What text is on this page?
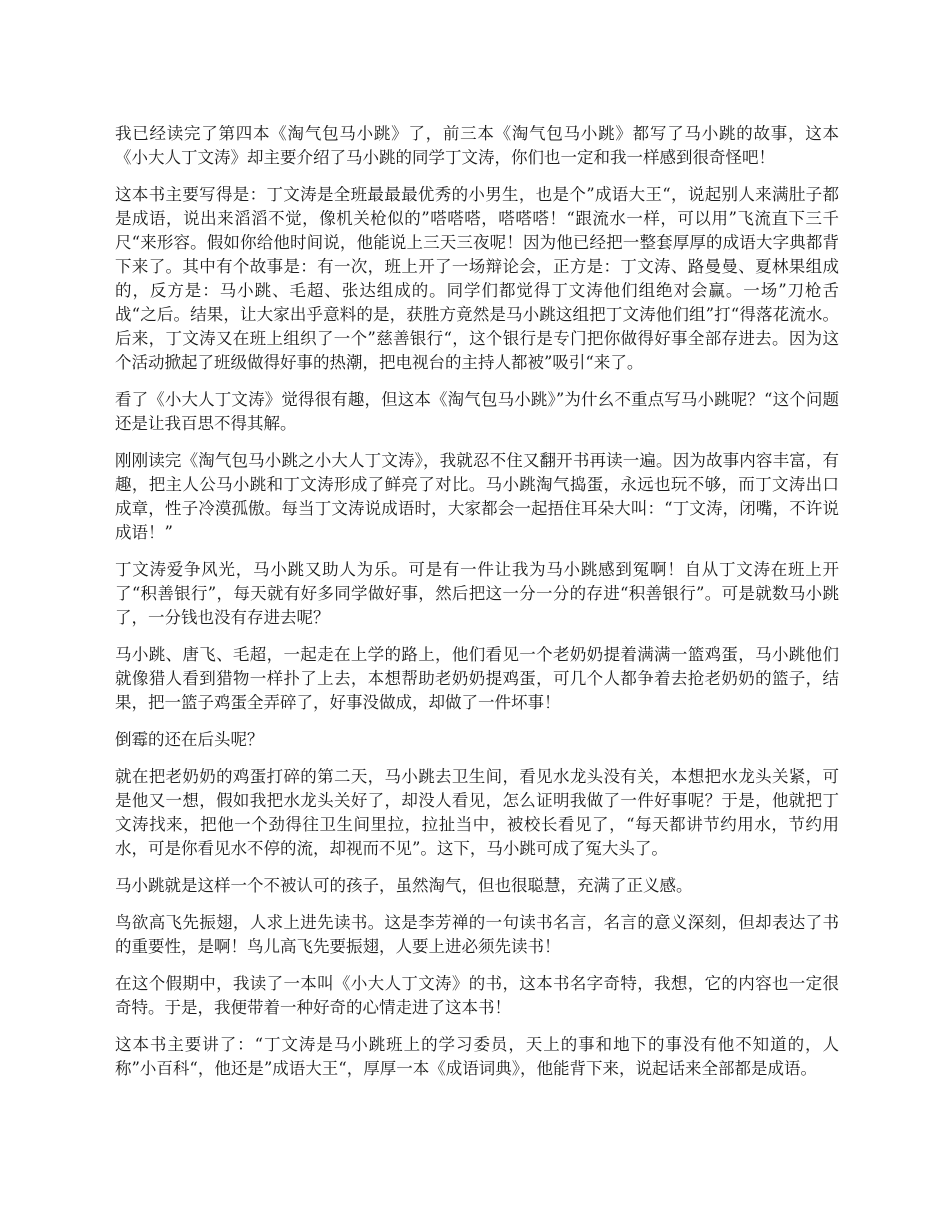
我已经读完了第四本《淘气包马小跳》了，前三本《淘气包马小跳》都写了马小跳的故事，这本《小大人丁文涛》却主要介绍了马小跳的同学丁文涛，你们也一定和我一样感到很奇怪吧！

这本书主要写得是：丁文涛是全班最最最优秀的小男生，也是个”成语大王“，说起别人来满肚子都是成语，说出来滔滔不觉，像机关枪似的”嗒嗒嗒，嗒嗒嗒！“跟流水一样，可以用”飞流直下三千尺“来形容。假如你给他时间说，他能说上三天三夜呢！因为他已经把一整套厚厚的成语大字典都背下来了。其中有个故事是：有一次，班上开了一场辩论会，正方是：丁文涛、路曼曼、夏林果组成的，反方是：马小跳、毛超、张达组成的。同学们都觉得丁文涛他们组绝对会赢。一场”刀枪舌战“之后。结果，让大家出乎意料的是，获胜方竟然是马小跳这组把丁文涛他们组”打“得落花流水。后来，丁文涛又在班上组织了一个”慈善银行“，这个银行是专门把你做得好事全部存进去。因为这个活动掀起了班级做得好事的热潮，把电视台的主持人都被”吸引“来了。

看了《小大人丁文涛》觉得很有趣，但这本《淘气包马小跳》”为什幺不重点写马小跳呢？“这个问题还是让我百思不得其解。

刚刚读完《淘气包马小跳之小大人丁文涛》，我就忍不住又翻开书再读一遍。因为故事内容丰富，有趣，把主人公马小跳和丁文涛形成了鲜亮了对比。马小跳淘气捣蛋，永远也玩不够，而丁文涛出口成章，性子冷漠孤傲。每当丁文涛说成语时，大家都会一起捂住耳朵大叫：“丁文涛，闭嘴，不许说成语！”

丁文涛爱争风光，马小跳又助人为乐。可是有一件让我为马小跳感到冤啊！自从丁文涛在班上开了“积善银行”，每天就有好多同学做好事，然后把这一分一分的存进“积善银行”。可是就数马小跳了，一分钱也没有存进去呢？

马小跳、唐飞、毛超，一起走在上学的路上，他们看见一个老奶奶提着满满一篮鸡蛋，马小跳他们就像猎人看到猎物一样扑了上去，本想帮助老奶奶提鸡蛋，可几个人都争着去抢老奶奶的篮子，结果，把一篮子鸡蛋全弄碎了，好事没做成，却做了一件坏事！

倒霉的还在后头呢？

就在把老奶奶的鸡蛋打碎的第二天，马小跳去卫生间，看见水龙头没有关，本想把水龙头关紧，可是他又一想，假如我把水龙头关好了，却没人看见，怎么证明我做了一件好事呢？于是，他就把丁文涛找来，把他一个劲得往卫生间里拉，拉扯当中，被校长看见了，“每天都讲节约用水，节约用水，可是你看见水不停的流，却视而不见”。这下，马小跳可成了冤大头了。

马小跳就是这样一个不被认可的孩子，虽然淘气，但也很聪慧，充满了正义感。

鸟欲高飞先振翅，人求上进先读书。这是李芳禅的一句读书名言，名言的意义深刻，但却表达了书的重要性，是啊！鸟儿高飞先要振翅，人要上进必须先读书！

在这个假期中，我读了一本叫《小大人丁文涛》的书，这本书名字奇特，我想，它的内容也一定很奇特。于是，我便带着一种好奇的心情走进了这本书！

这本书主要讲了：“丁文涛是马小跳班上的学习委员，天上的事和地下的事没有他不知道的，人称”小百科“，他还是”成语大王“，厚厚一本《成语词典》，他能背下来，说起话来全部都是成语。
